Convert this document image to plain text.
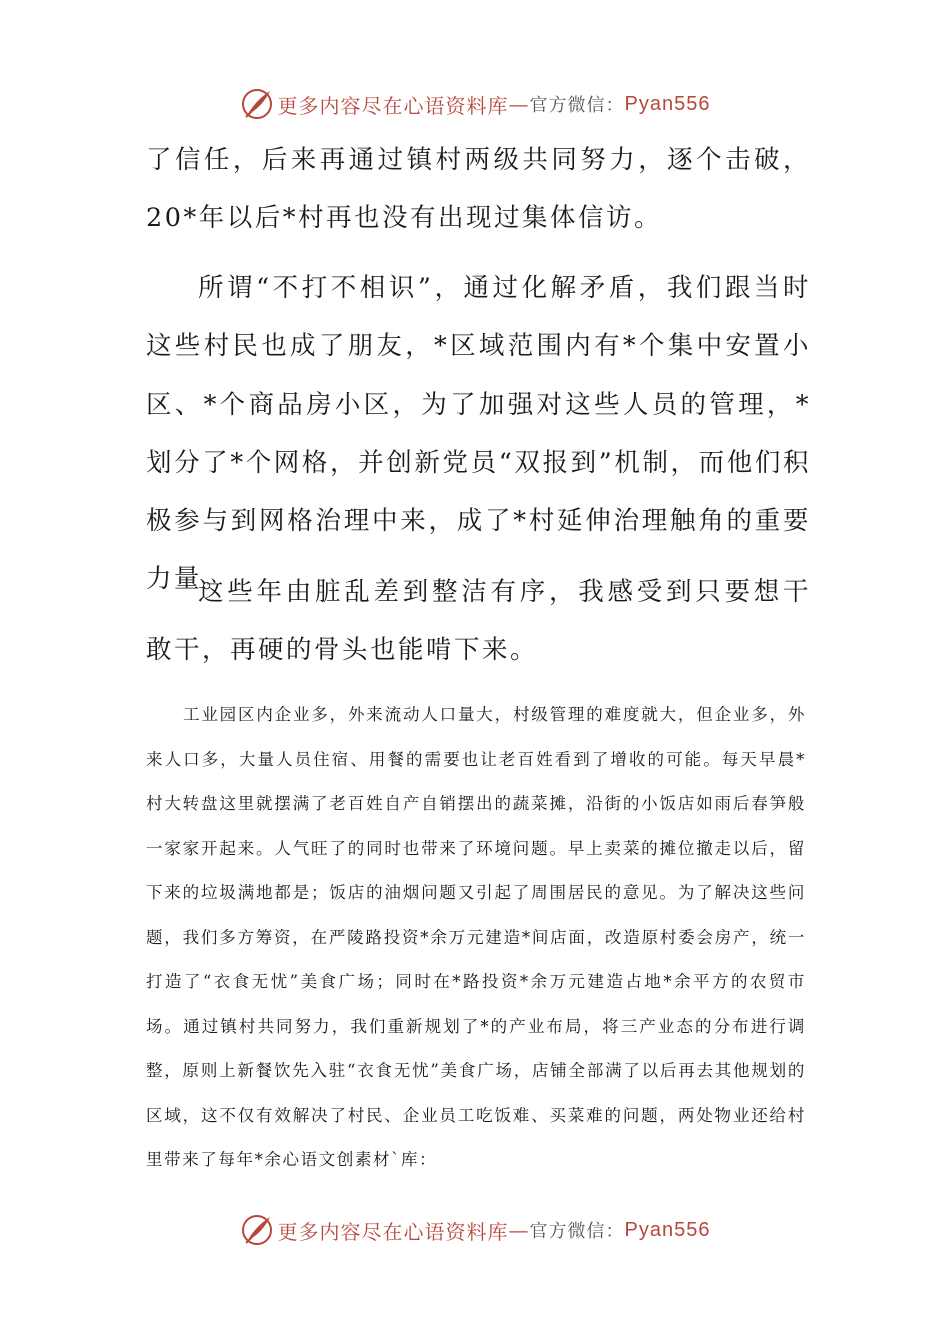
更多内容尽在心语资料库 — 官方微信： Pyan556

了信任，后来再通过镇村两级共同努力，逐个击破，20*年以后*村再也没有出现过集体信访。

所谓“不打不相识”，通过化解矛盾，我们跟当时这些村民也成了朋友，*区域范围内有*个集中安置小区、*个商品房小区，为了加强对这些人员的管理，*划分了*个网格，并创新党员“双报到”机制，而他们积极参与到网格治理中来，成了*村延伸治理触角的重要力量。

这些年由脏乱差到整洁有序，我感受到只要想干敢干，再硬的骨头也能啃下来。

工业园区内企业多，外来流动人口量大，村级管理的难度就大，但企业多，外来人口多，大量人员住宿、用餐的需要也让老百姓看到了增收的可能。每天早晨*村大转盘这里就摆满了老百姓自产自销摆出的蔬菜摊，沿街的小饭店如雨后春笋般一家家开起来。人气旺了的同时也带来了环境问题。早上卖菜的摊位撤走以后，留下来的垃圾满地都是；饭店的油烟问题又引起了周围居民的意见。为了解决这些问题，我们多方筹资，在严陵路投资*余万元建造*间店面，改造原村委会房产，统一打造了“衣食无忧”美食广场；同时在*路投资*余万元建造占地*余平方的农贸市场。通过镇村共同努力，我们重新规划了*的产业布局，将三产业态的分布进行调整，原则上新餐饮先入驻“衣食无忧”美食广场，店铺全部满了以后再去其他规划的区域，这不仅有效解决了村民、企业员工吃饭难、买菜难的问题，两处物业还给村里带来了每年*余心语文创素材`库：

更多内容尽在心语资料库 — 官方微信： Pyan556
